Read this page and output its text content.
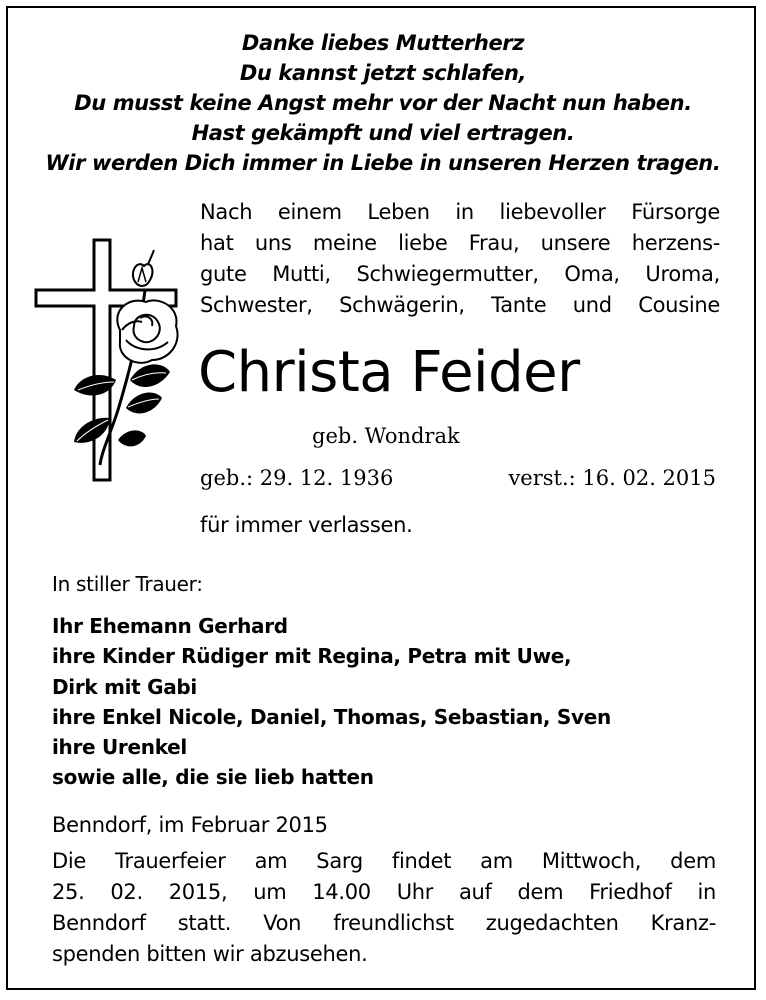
Danke liebes Mutterherz
Du kannst jetzt schlafen,
Du musst keine Angst mehr vor der Nacht nun haben.
Hast gekämpft und viel ertragen.
Wir werden Dich immer in Liebe in unseren Herzen tragen.
Nach einem Leben in liebevoller Fürsorge
hat uns meine liebe Frau, unsere herzens-
gute Mutti, Schwiegermutter, Oma, Uroma,
Schwester, Schwägerin, Tante und Cousine
Christa Feider
geb. Wondrak
geb.: 29. 12. 1936	verst.: 16. 02. 2015
für immer verlassen.
In stiller Trauer:
Ihr Ehemann Gerhard
ihre Kinder Rüdiger mit Regina, Petra mit Uwe,
Dirk mit Gabi
ihre Enkel Nicole, Daniel, Thomas, Sebastian, Sven
ihre Urenkel
sowie alle, die sie lieb hatten
Benndorf, im Februar 2015
Die Trauerfeier am Sarg findet am Mittwoch, dem
25. 02. 2015, um 14.00 Uhr auf dem Friedhof in
Benndorf statt. Von freundlichst zugedachten Kranz-
spenden bitten wir abzusehen.
